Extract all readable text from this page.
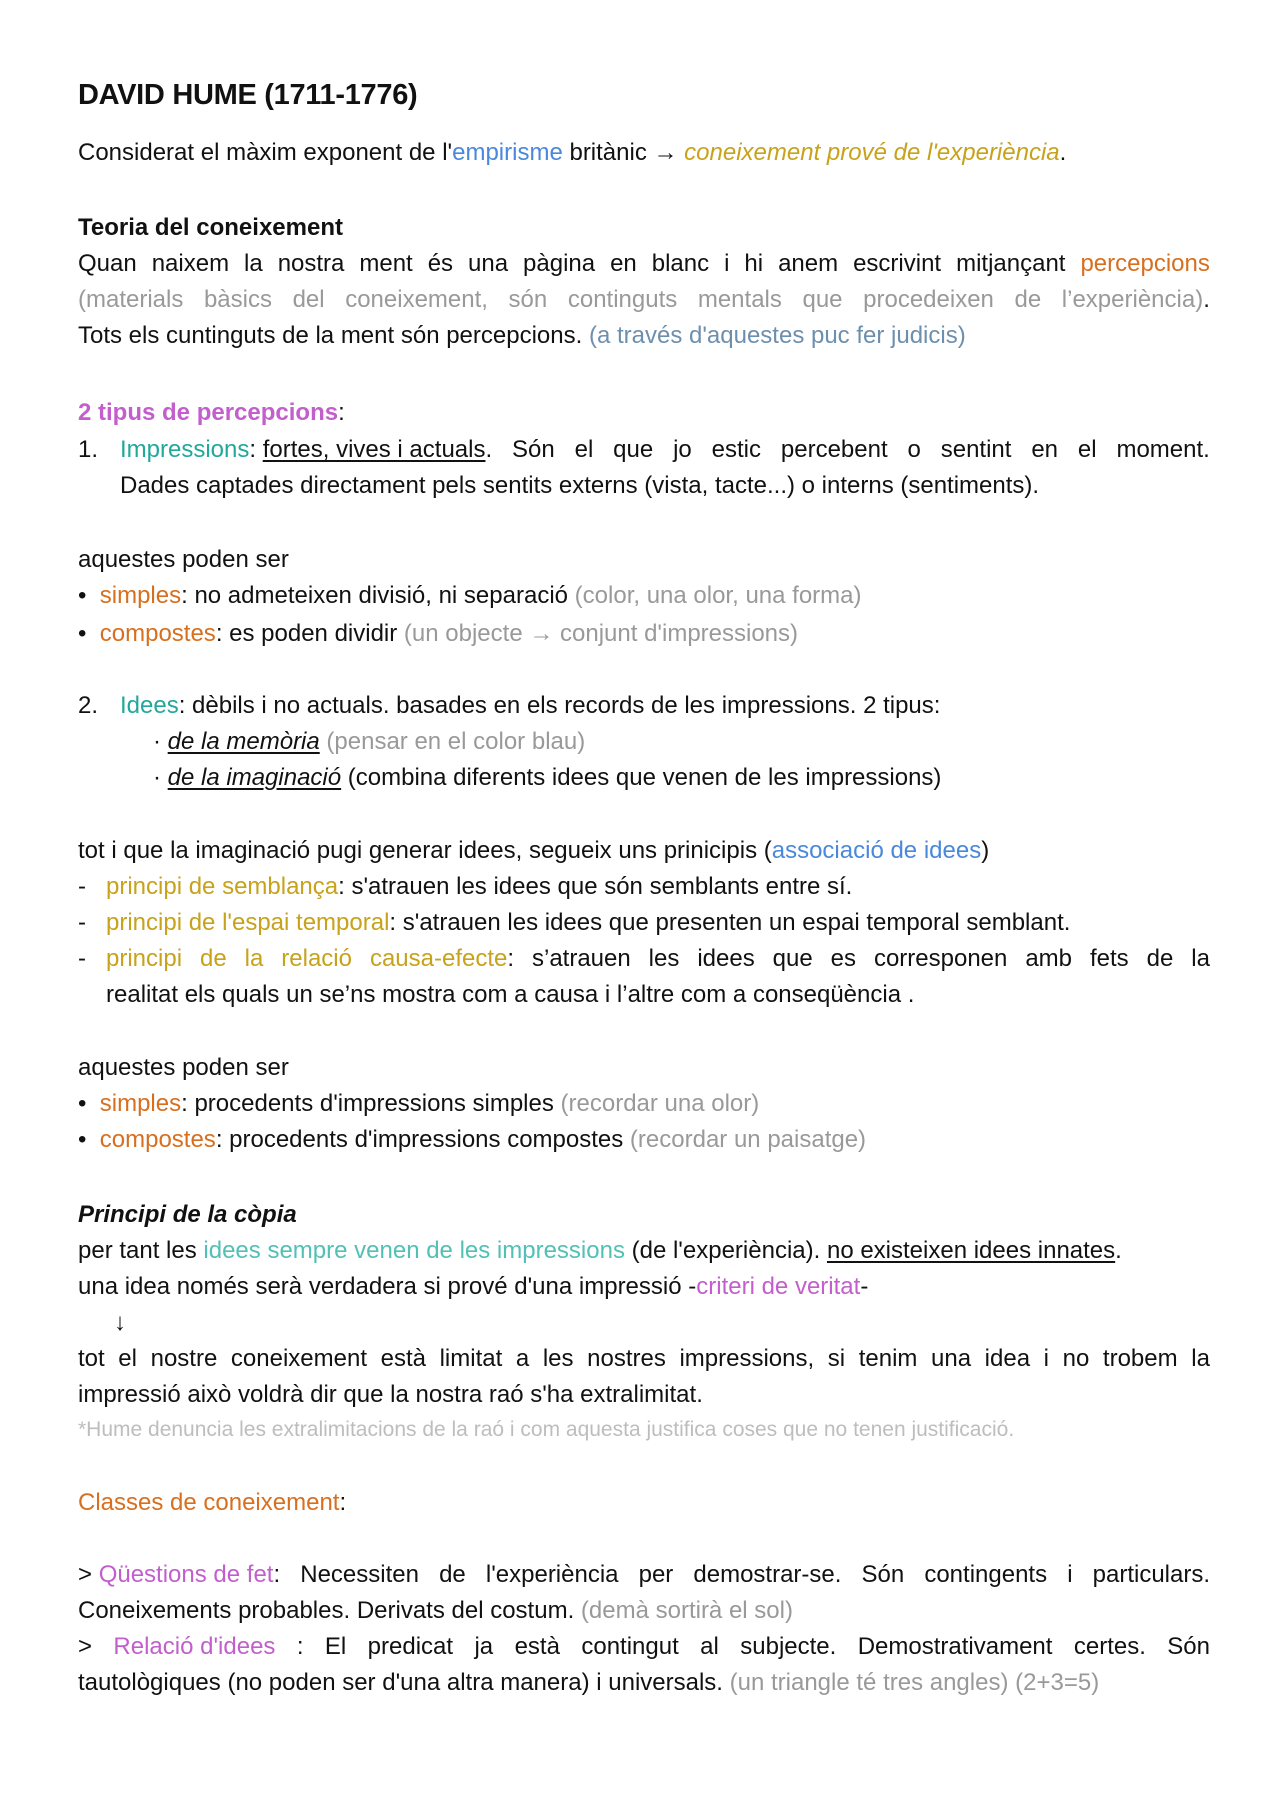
DAVID HUME (1711-1776)
Considerat el màxim exponent de l'empirisme britànic → coneixement prové de l'experiència.
Teoria del coneixement
Quan naixem la nostra ment és una pàgina en blanc i hi anem escrivint mitjançant percepcions
(materials bàsics del coneixement, són continguts mentals que procedeixen de l’experiència).
Tots els cuntinguts de la ment són percepcions. (a través d'aquestes puc fer judicis)
2 tipus de percepcions:
1. Impressions: fortes, vives i actuals. Són el que jo estic percebent o sentint en el moment.
Dades captades directament pels sentits externs (vista, tacte...) o interns (sentiments).
aquestes poden ser
• simples: no admeteixen divisió, ni separació (color, una olor, una forma)
• compostes: es poden dividir (un objecte → conjunt d'impressions)
2. Idees: dèbils i no actuals. basades en els records de les impressions. 2 tipus:
· de la memòria (pensar en el color blau)
· de la imaginació (combina diferents idees que venen de les impressions)
tot i que la imaginació pugi generar idees, segueix uns prinicipis (associació de idees)
- principi de semblança: s'atrauen les idees que són semblants entre sí.
- principi de l'espai temporal: s'atrauen les idees que presenten un espai temporal semblant.
- principi de la relació causa-efecte: s’atrauen les idees que es corresponen amb fets de la
realitat els quals un se’ns mostra com a causa i l’altre com a conseqüència .
aquestes poden ser
• simples: procedents d'impressions simples (recordar una olor)
• compostes: procedents d'impressions compostes (recordar un paisatge)
Principi de la còpia
per tant les idees sempre venen de les impressions (de l'experiència). no existeixen idees innates.
una idea només serà verdadera si prové d'una impressió -criteri de veritat-
↓
tot el nostre coneixement està limitat a les nostres impressions, si tenim una idea i no trobem la
impressió això voldrà dir que la nostra raó s'ha extralimitat.
*Hume denuncia les extralimitacions de la raó i com aquesta justifica coses que no tenen justificació.
Classes de coneixement:
> Qüestions de fet: Necessiten de l'experiència per demostrar-se. Són contingents i particulars.
Coneixements probables. Derivats del costum. (demà sortirà el sol)
> Relació d'idees : El predicat ja està contingut al subjecte. Demostrativament certes. Són
tautològiques (no poden ser d'una altra manera) i universals. (un triangle té tres angles) (2+3=5)
